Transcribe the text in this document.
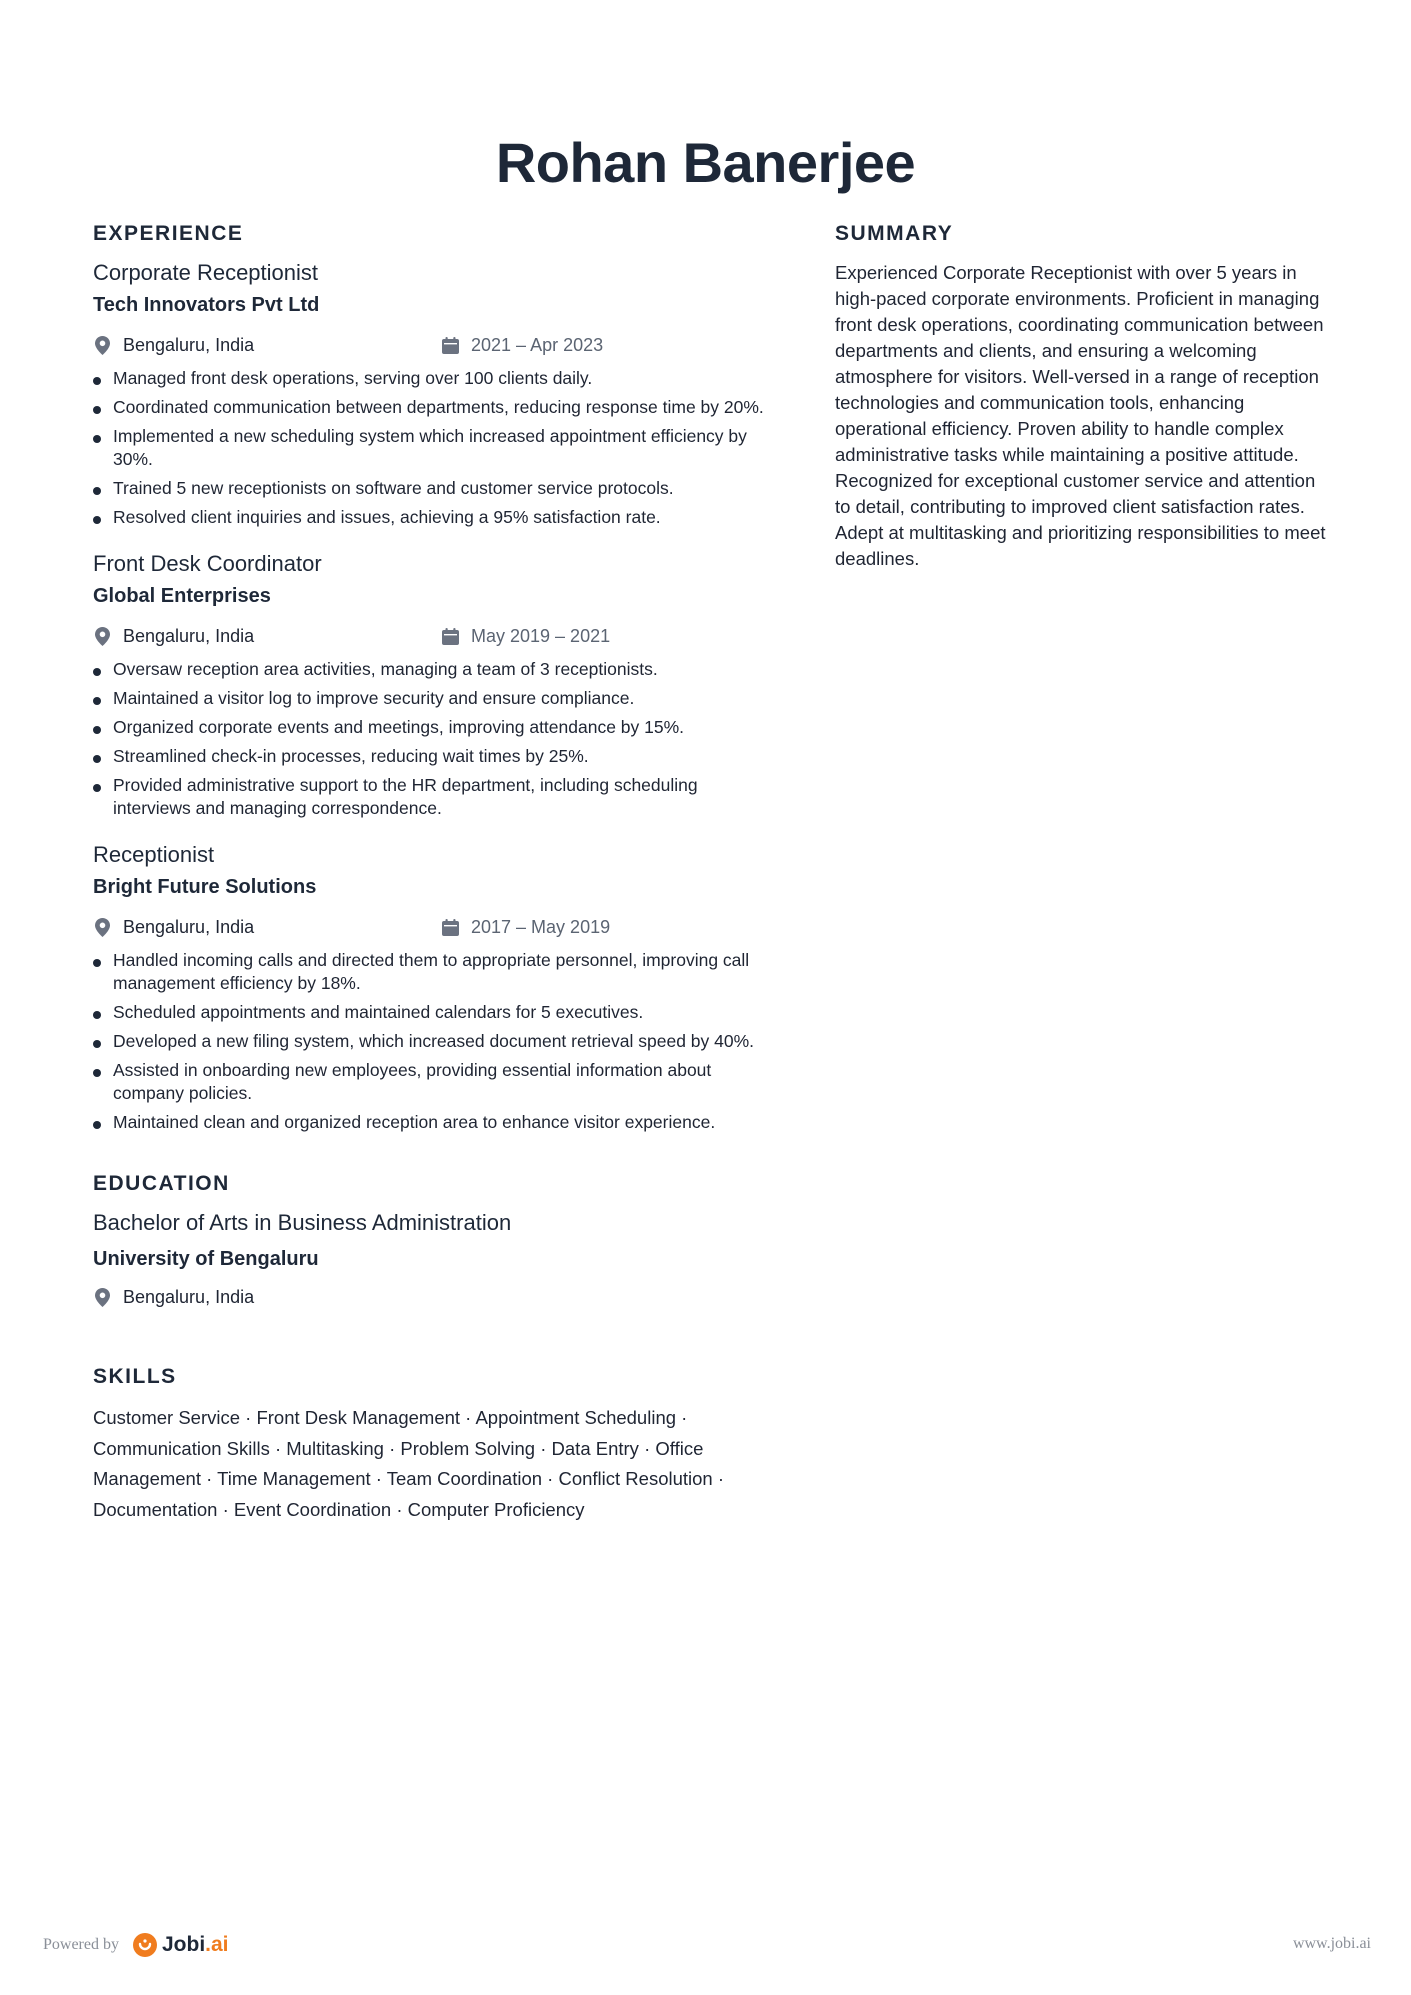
Rohan Banerjee
EXPERIENCE
Corporate Receptionist
Tech Innovators Pvt Ltd
Bengaluru, India	2021 – Apr 2023
Managed front desk operations, serving over 100 clients daily.
Coordinated communication between departments, reducing response time by 20%.
Implemented a new scheduling system which increased appointment efficiency by 30%.
Trained 5 new receptionists on software and customer service protocols.
Resolved client inquiries and issues, achieving a 95% satisfaction rate.
Front Desk Coordinator
Global Enterprises
Bengaluru, India	May 2019 – 2021
Oversaw reception area activities, managing a team of 3 receptionists.
Maintained a visitor log to improve security and ensure compliance.
Organized corporate events and meetings, improving attendance by 15%.
Streamlined check-in processes, reducing wait times by 25%.
Provided administrative support to the HR department, including scheduling interviews and managing correspondence.
Receptionist
Bright Future Solutions
Bengaluru, India	2017 – May 2019
Handled incoming calls and directed them to appropriate personnel, improving call management efficiency by 18%.
Scheduled appointments and maintained calendars for 5 executives.
Developed a new filing system, which increased document retrieval speed by 40%.
Assisted in onboarding new employees, providing essential information about company policies.
Maintained clean and organized reception area to enhance visitor experience.
EDUCATION
Bachelor of Arts in Business Administration
University of Bengaluru
Bengaluru, India
SKILLS
Customer Service · Front Desk Management · Appointment Scheduling · Communication Skills · Multitasking · Problem Solving · Data Entry · Office Management · Time Management · Team Coordination · Conflict Resolution · Documentation · Event Coordination · Computer Proficiency
SUMMARY
Experienced Corporate Receptionist with over 5 years in high-paced corporate environments. Proficient in managing front desk operations, coordinating communication between departments and clients, and ensuring a welcoming atmosphere for visitors. Well-versed in a range of reception technologies and communication tools, enhancing operational efficiency. Proven ability to handle complex administrative tasks while maintaining a positive attitude. Recognized for exceptional customer service and attention to detail, contributing to improved client satisfaction rates. Adept at multitasking and prioritizing responsibilities to meet deadlines.
Powered by Jobi.ai	www.jobi.ai
